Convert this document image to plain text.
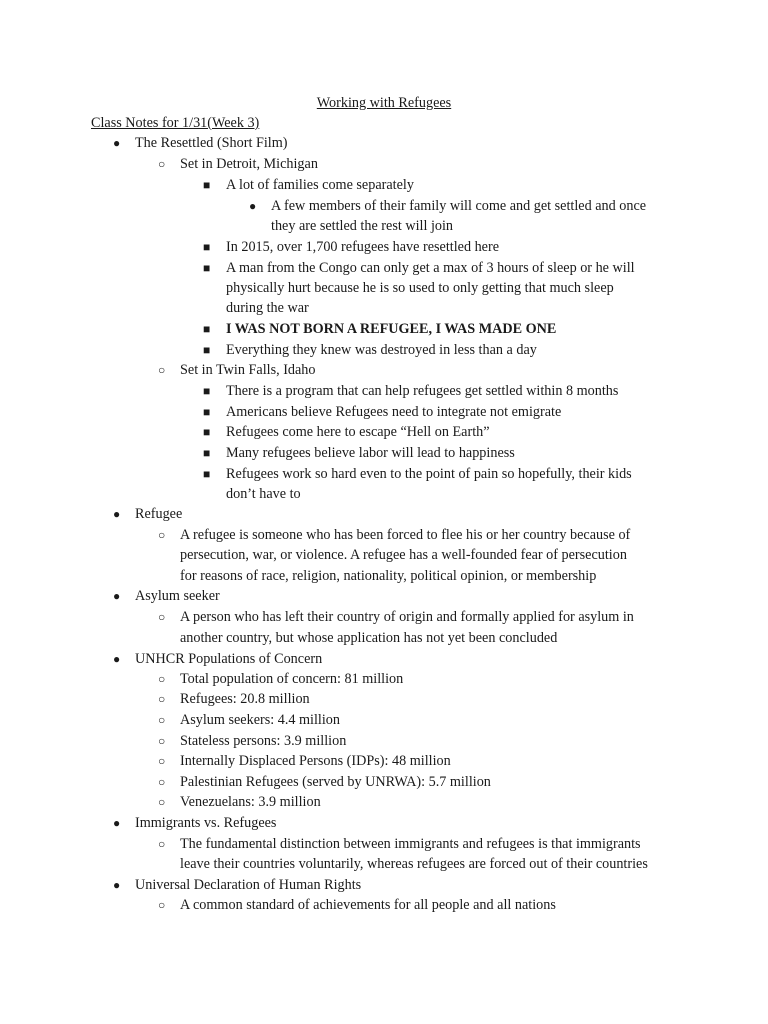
Working with Refugees
Class Notes for 1/31(Week 3)
● The Resettled (Short Film)
○ Set in Detroit, Michigan
■ A lot of families come separately
● A few members of their family will come and get settled and once
they are settled the rest will join
■ In 2015, over 1,700 refugees have resettled here
■ A man from the Congo can only get a max of 3 hours of sleep or he will
physically hurt because he is so used to only getting that much sleep
during the war
■ I WAS NOT BORN A REFUGEE, I WAS MADE ONE
■ Everything they knew was destroyed in less than a day
○ Set in Twin Falls, Idaho
■ There is a program that can help refugees get settled within 8 months
■ Americans believe Refugees need to integrate not emigrate
■ Refugees come here to escape “Hell on Earth”
■ Many refugees believe labor will lead to happiness
■ Refugees work so hard even to the point of pain so hopefully, their kids
don’t have to
● Refugee
○ A refugee is someone who has been forced to flee his or her country because of
persecution, war, or violence. A refugee has a well-founded fear of persecution
for reasons of race, religion, nationality, political opinion, or membership
● Asylum seeker
○ A person who has left their country of origin and formally applied for asylum in
another country, but whose application has not yet been concluded
● UNHCR Populations of Concern
○ Total population of concern: 81 million
○ Refugees: 20.8 million
○ Asylum seekers: 4.4 million
○ Stateless persons: 3.9 million
○ Internally Displaced Persons (IDPs): 48 million
○ Palestinian Refugees (served by UNRWA): 5.7 million
○ Venezuelans: 3.9 million
● Immigrants vs. Refugees
○ The fundamental distinction between immigrants and refugees is that immigrants
leave their countries voluntarily, whereas refugees are forced out of their countries
● Universal Declaration of Human Rights
○ A common standard of achievements for all people and all nations
